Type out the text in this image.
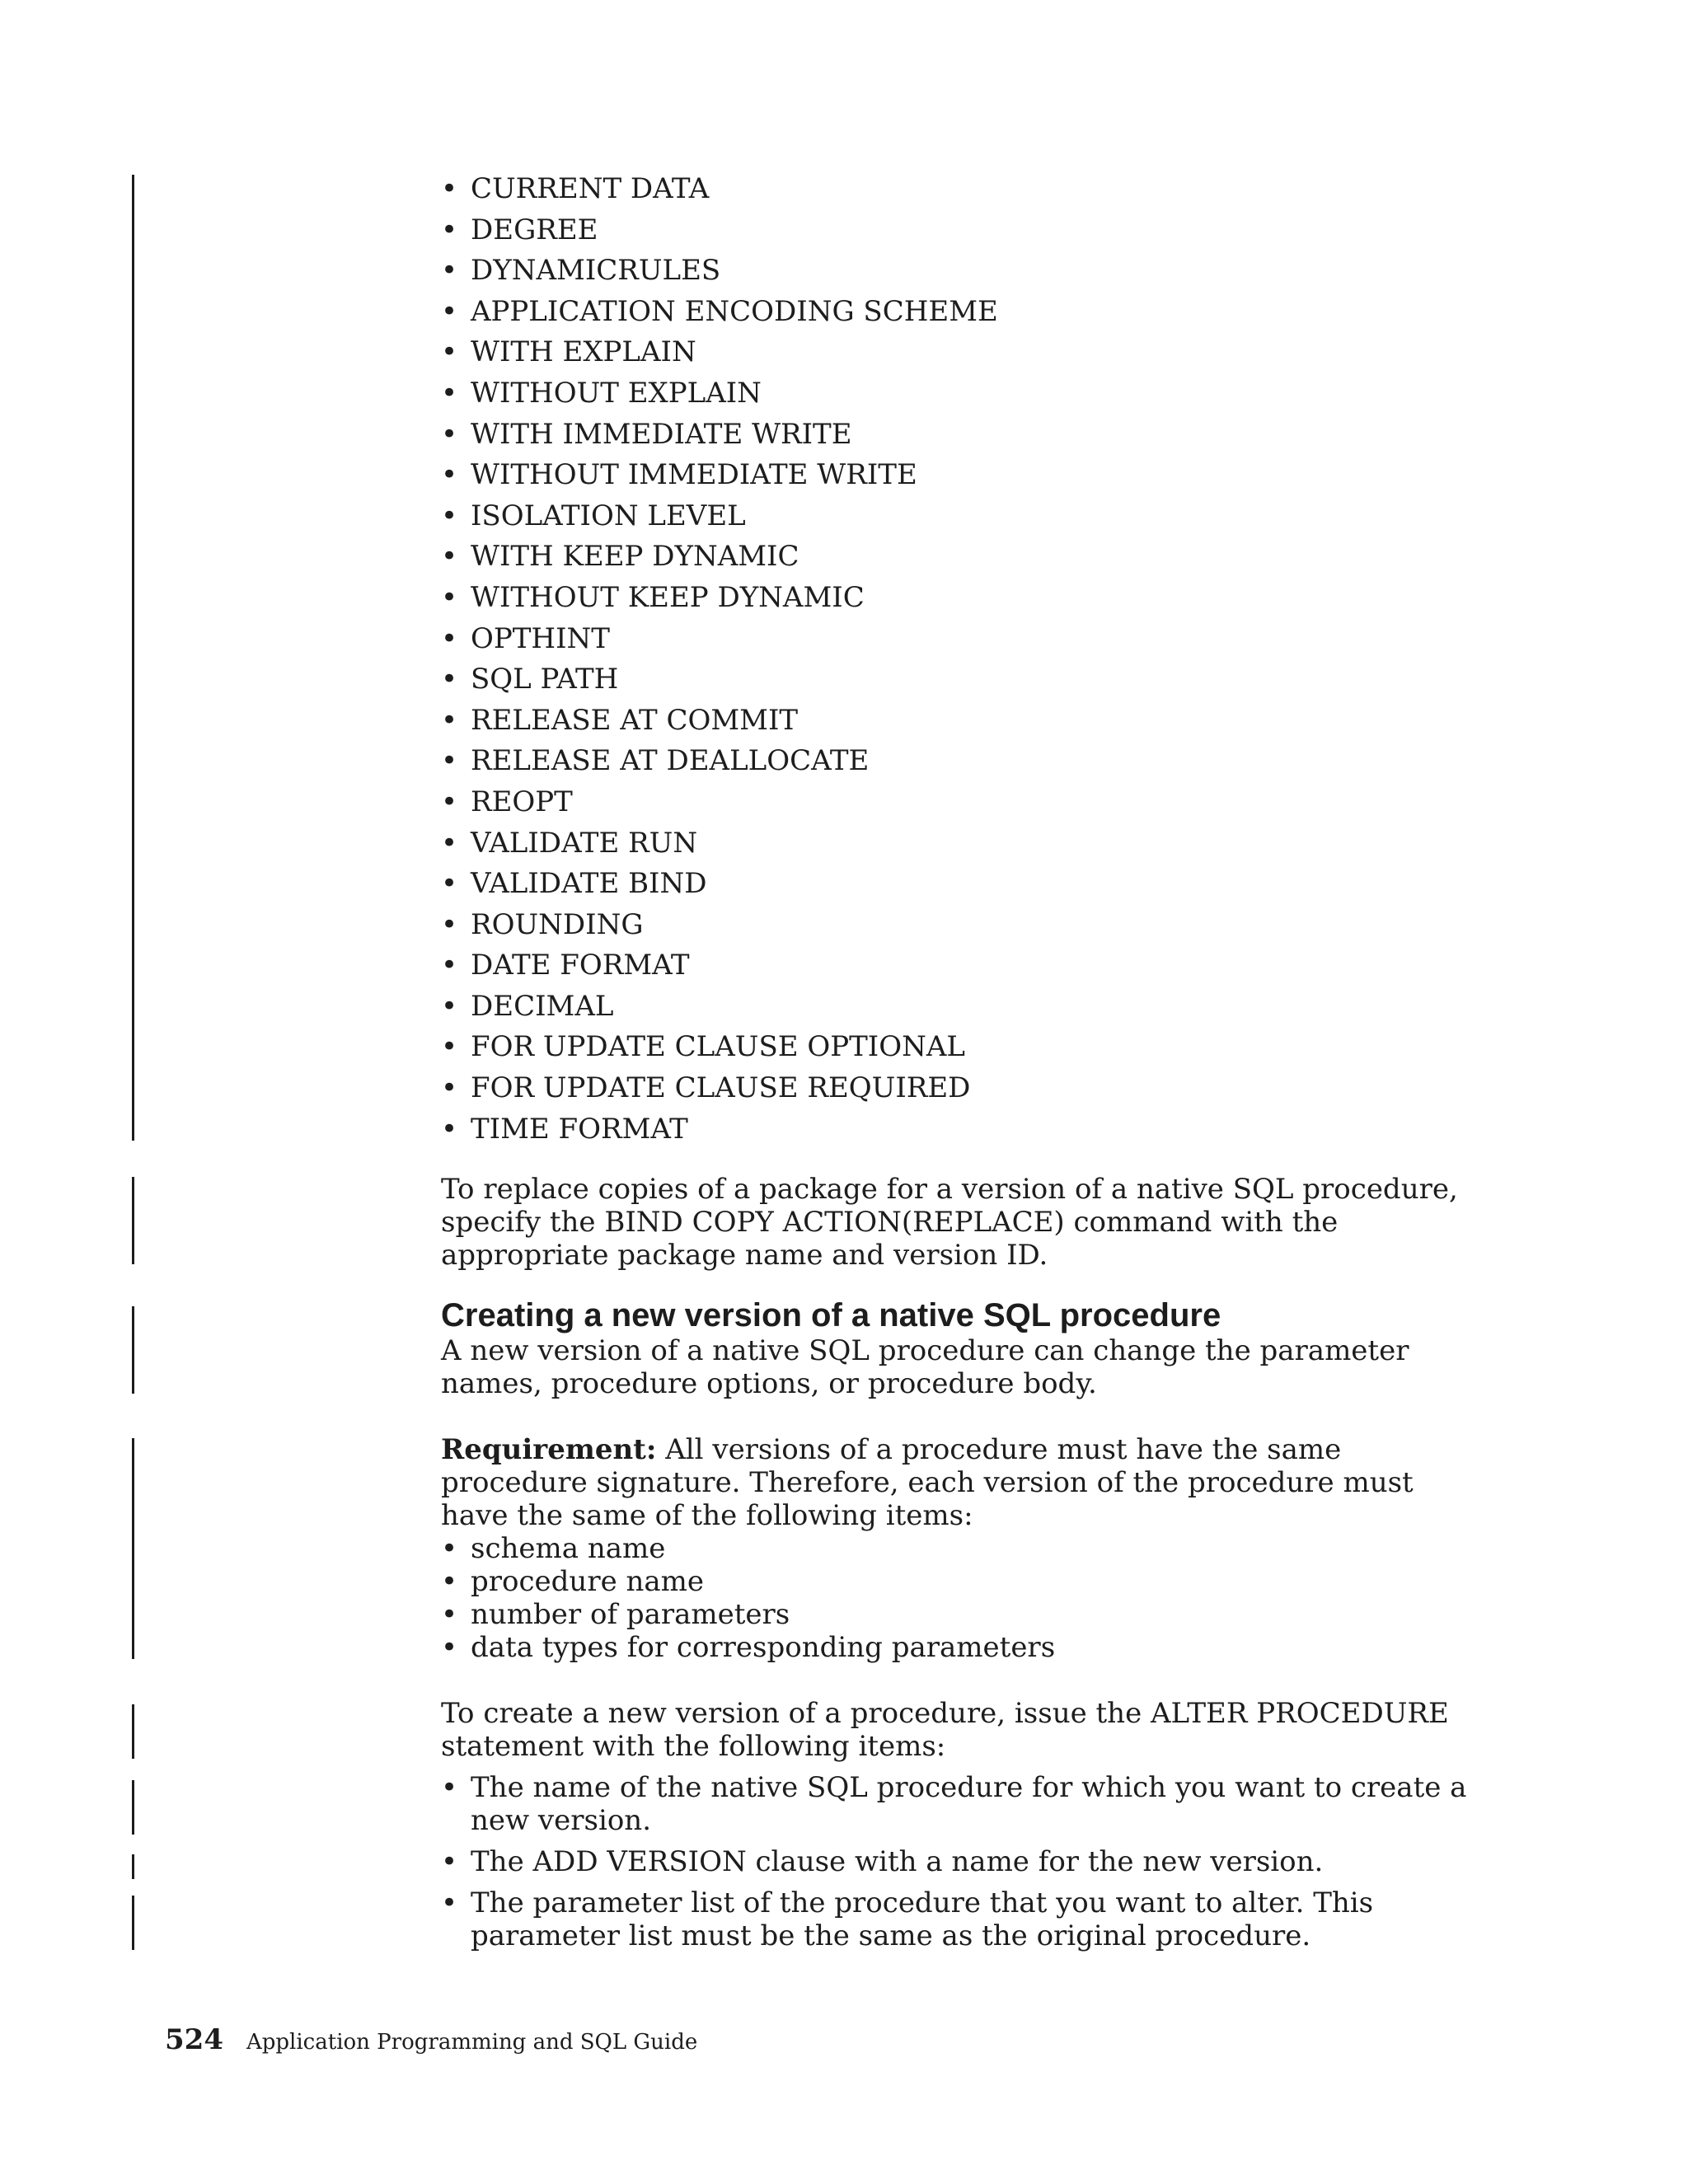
• CURRENT DATA
• DEGREE
• DYNAMICRULES
• APPLICATION ENCODING SCHEME
• WITH EXPLAIN
• WITHOUT EXPLAIN
• WITH IMMEDIATE WRITE
• WITHOUT IMMEDIATE WRITE
• ISOLATION LEVEL
• WITH KEEP DYNAMIC
• WITHOUT KEEP DYNAMIC
• OPTHINT
• SQL PATH
• RELEASE AT COMMIT
• RELEASE AT DEALLOCATE
• REOPT
• VALIDATE RUN
• VALIDATE BIND
• ROUNDING
• DATE FORMAT
• DECIMAL
• FOR UPDATE CLAUSE OPTIONAL
• FOR UPDATE CLAUSE REQUIRED
• TIME FORMAT

To replace copies of a package for a version of a native SQL procedure, specify the BIND COPY ACTION(REPLACE) command with the appropriate package name and version ID.

Creating a new version of a native SQL procedure

A new version of a native SQL procedure can change the parameter names, procedure options, or procedure body.

Requirement: All versions of a procedure must have the same procedure signature. Therefore, each version of the procedure must have the same of the following items:

• schema name
• procedure name
• number of parameters
• data types for corresponding parameters

To create a new version of a procedure, issue the ALTER PROCEDURE statement with the following items:

• The name of the native SQL procedure for which you want to create a new version.
• The ADD VERSION clause with a name for the new version.
• The parameter list of the procedure that you want to alter. This parameter list must be the same as the original procedure.
524 Application Programming and SQL Guide
